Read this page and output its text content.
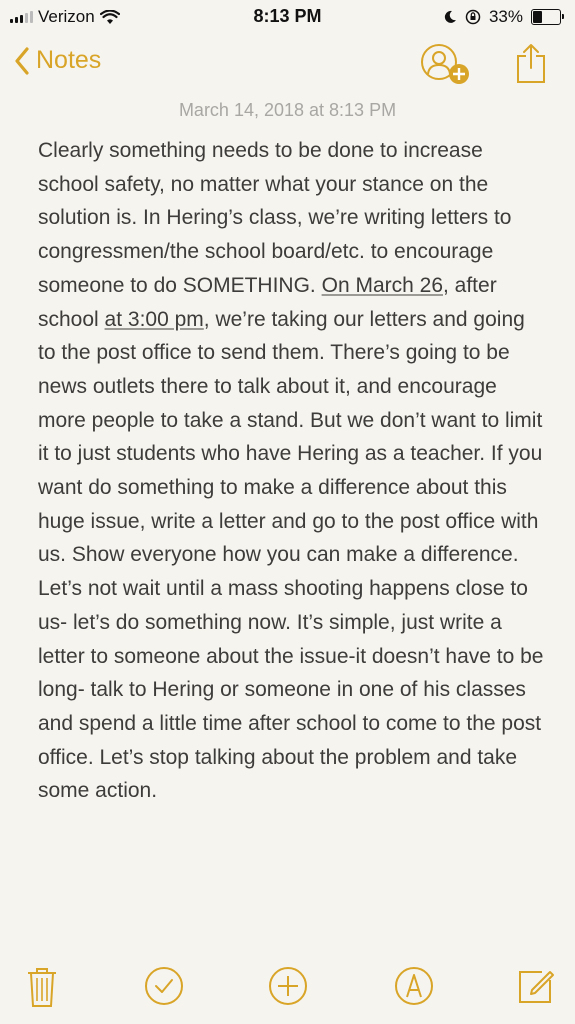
Verizon	8:13 PM	33%
Notes
March 14, 2018 at 8:13 PM
Clearly something needs to be done to increase school safety, no matter what your stance on the solution is. In Hering’s class, we’re writing letters to congressmen/the school board/etc. to encourage someone to do SOMETHING. On March 26, after school at 3:00 pm, we’re taking our letters and going to the post office to send them. There’s going to be news outlets there to talk about it, and encourage more people to take a stand. But we don’t want to limit it to just students who have Hering as a teacher. If you want do something to make a difference about this huge issue, write a letter and go to the post office with us. Show everyone how you can make a difference. Let’s not wait until a mass shooting happens close to us- let’s do something now. It’s simple, just write a letter to someone about the issue-it doesn’t have to be long- talk to Hering or someone in one of his classes and spend a little time after school to come to the post office. Let’s stop talking about the problem and take some action.
